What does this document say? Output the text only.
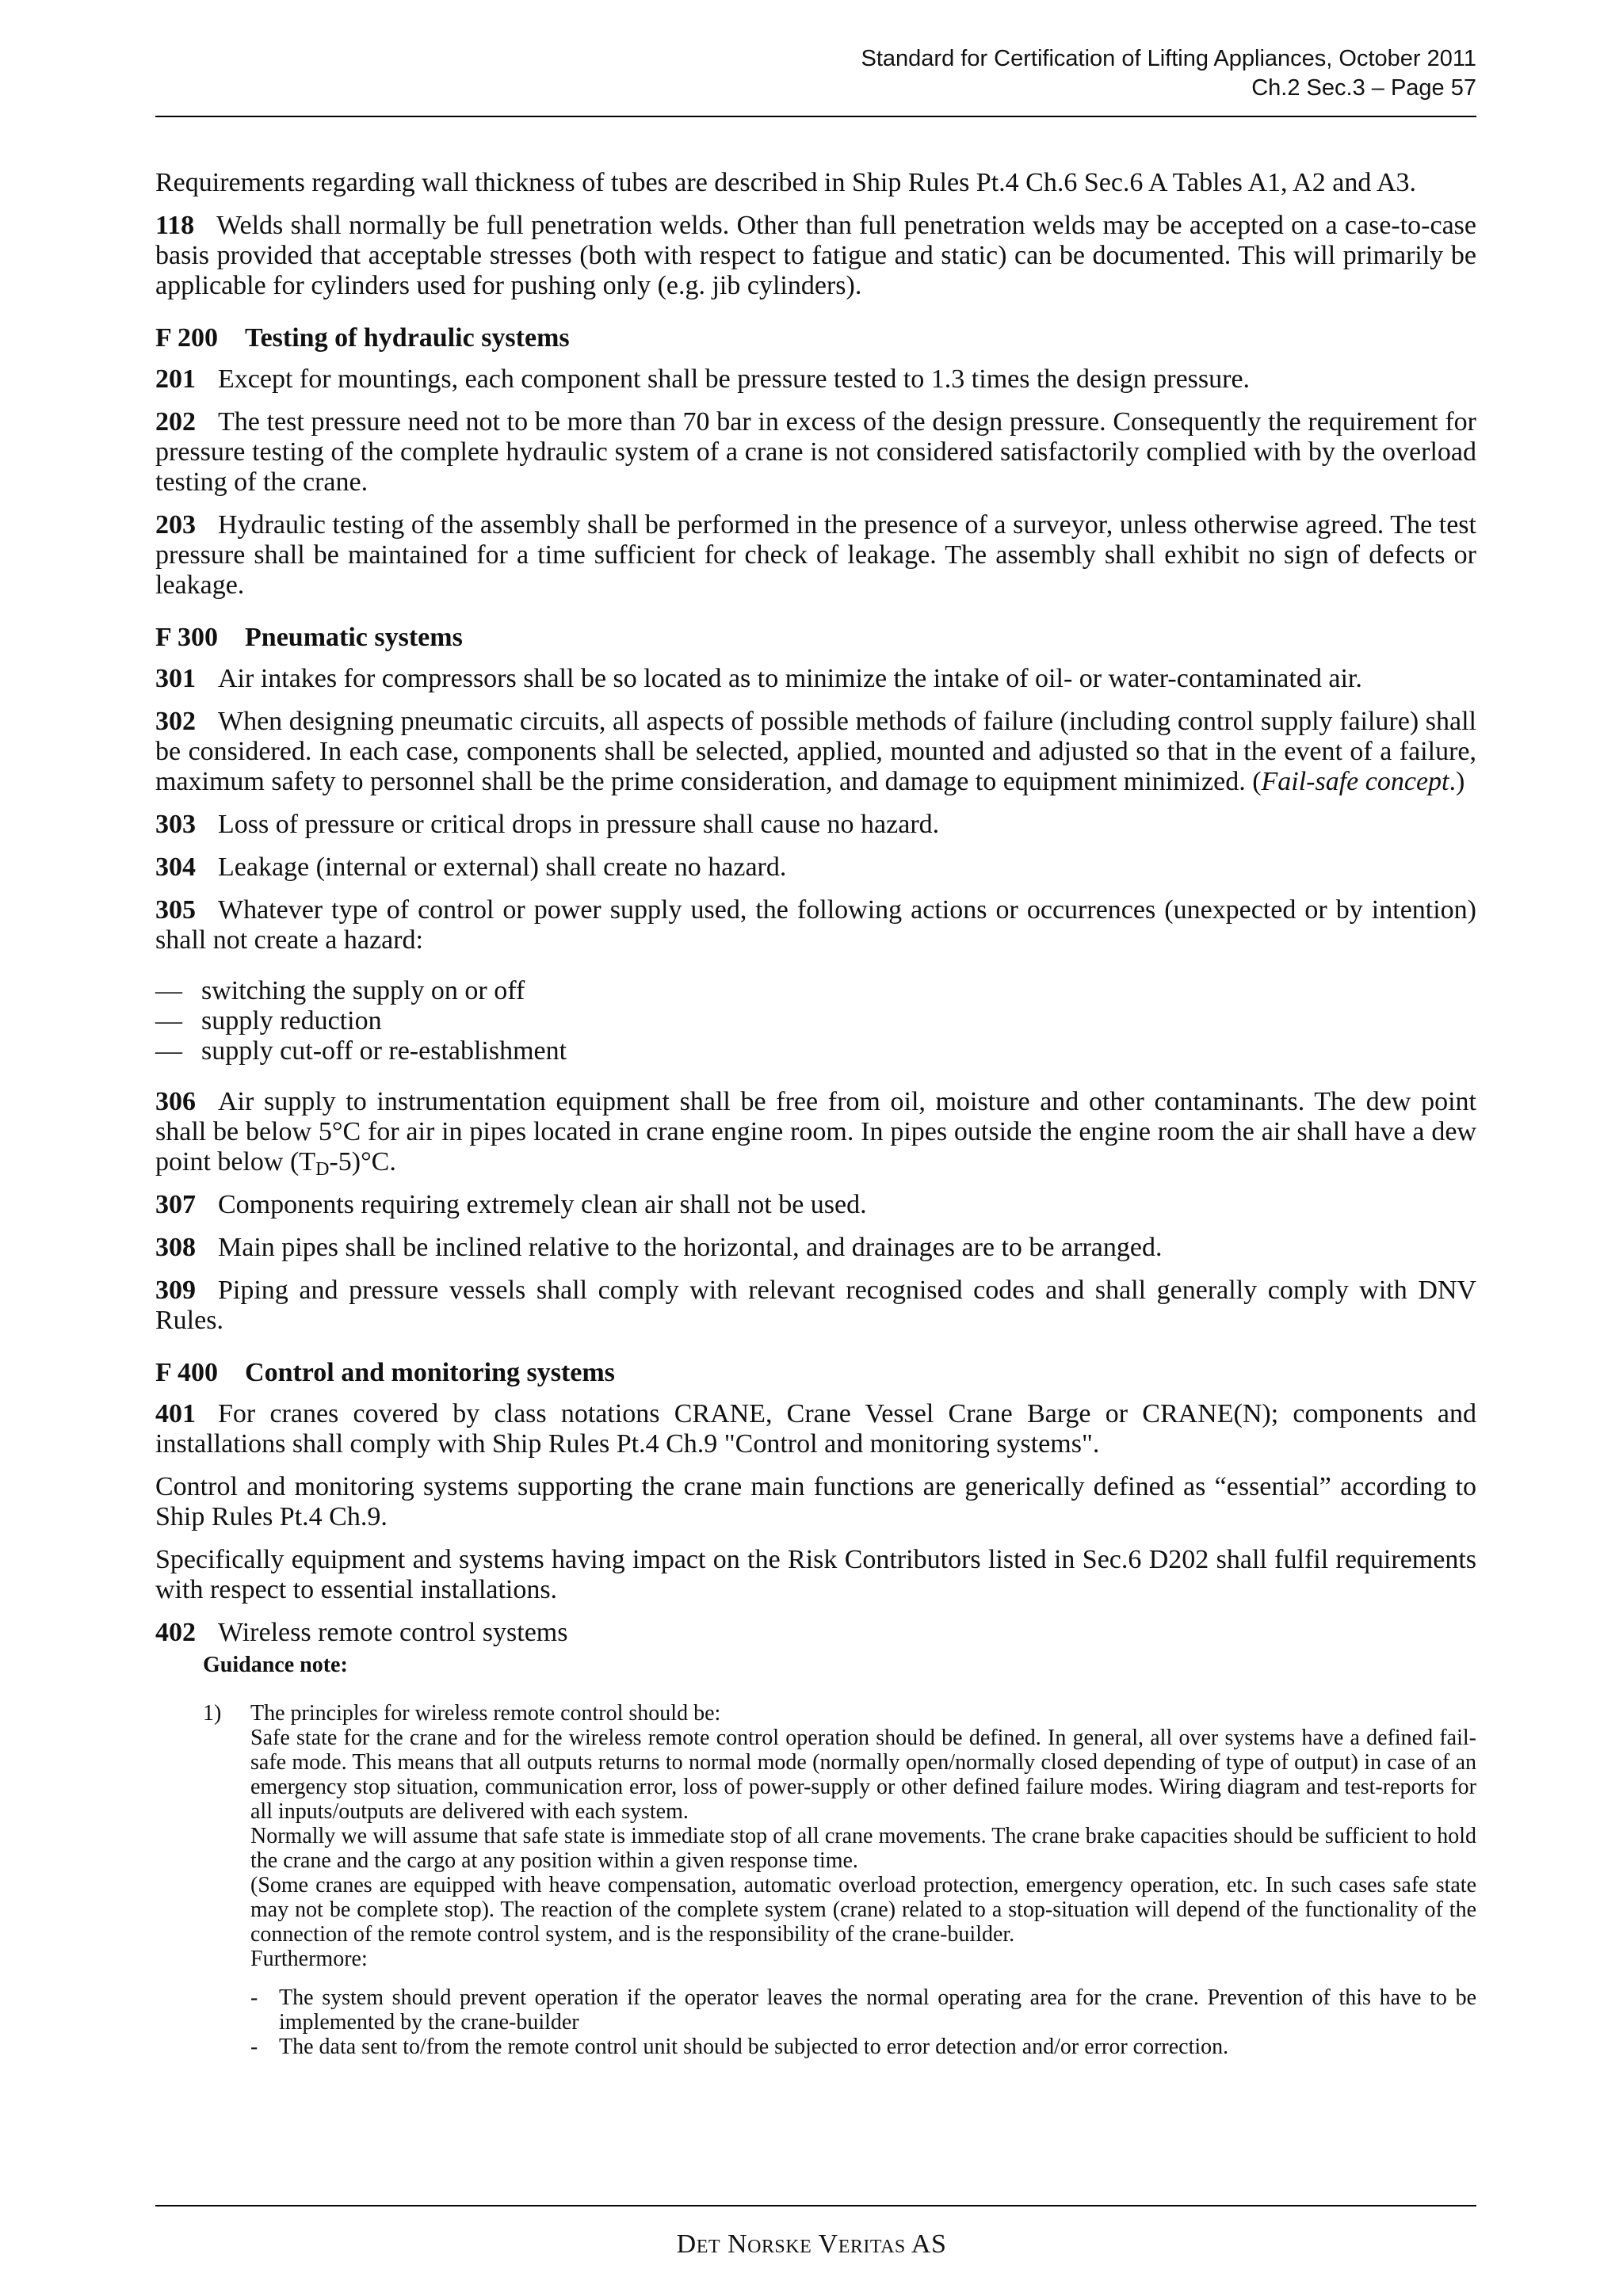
Standard for Certification of Lifting Appliances, October 2011
Ch.2 Sec.3 – Page 57

Requirements regarding wall thickness of tubes are described in Ship Rules Pt.4 Ch.6 Sec.6 A Tables A1, A2 and A3.

118 Welds shall normally be full penetration welds. Other than full penetration welds may be accepted on a case-to-case basis provided that acceptable stresses (both with respect to fatigue and static) can be documented. This will primarily be applicable for cylinders used for pushing only (e.g. jib cylinders).

F 200 Testing of hydraulic systems

201 Except for mountings, each component shall be pressure tested to 1.3 times the design pressure.

202 The test pressure need not to be more than 70 bar in excess of the design pressure. Consequently the requirement for pressure testing of the complete hydraulic system of a crane is not considered satisfactorily complied with by the overload testing of the crane.

203 Hydraulic testing of the assembly shall be performed in the presence of a surveyor, unless otherwise agreed. The test pressure shall be maintained for a time sufficient for check of leakage. The assembly shall exhibit no sign of defects or leakage.

F 300 Pneumatic systems

301 Air intakes for compressors shall be so located as to minimize the intake of oil- or water-contaminated air.

302 When designing pneumatic circuits, all aspects of possible methods of failure (including control supply failure) shall be considered. In each case, components shall be selected, applied, mounted and adjusted so that in the event of a failure, maximum safety to personnel shall be the prime consideration, and damage to equipment minimized. (Fail-safe concept.)

303 Loss of pressure or critical drops in pressure shall cause no hazard.

304 Leakage (internal or external) shall create no hazard.

305 Whatever type of control or power supply used, the following actions or occurrences (unexpected or by intention) shall not create a hazard:

— switching the supply on or off
— supply reduction
— supply cut-off or re-establishment

306 Air supply to instrumentation equipment shall be free from oil, moisture and other contaminants. The dew point shall be below 5°C for air in pipes located in crane engine room. In pipes outside the engine room the air shall have a dew point below $(T_D-5)^\circ C$.

307 Components requiring extremely clean air shall not be used.

308 Main pipes shall be inclined relative to the horizontal, and drainages are to be arranged.

309 Piping and pressure vessels shall comply with relevant recognised codes and shall generally comply with DNV Rules.

F 400 Control and monitoring systems

401 For cranes covered by class notations CRANE, Crane Vessel Crane Barge or CRANE(N); components and installations shall comply with Ship Rules Pt.4 Ch.9 "Control and monitoring systems".

Control and monitoring systems supporting the crane main functions are generically defined as “essential” according to Ship Rules Pt.4 Ch.9.

Specifically equipment and systems having impact on the Risk Contributors listed in Sec.6 D202 shall fulfil requirements with respect to essential installations.

402 Wireless remote control systems

Guidance note:
1)	The principles for wireless remote control should be:

Safe state for the crane and for the wireless remote control operation should be defined. In general, all over systems have a defined fail-safe mode. This means that all outputs returns to normal mode (normally open/normally closed depending of type of output) in case of an emergency stop situation, communication error, loss of power-supply or other defined failure modes. Wiring diagram and test-reports for all inputs/outputs are delivered with each system.

Normally we will assume that safe state is immediate stop of all crane movements. The crane brake capacities should be sufficient to hold the crane and the cargo at any position within a given response time.

(Some cranes are equipped with heave compensation, automatic overload protection, emergency operation, etc. In such cases safe state may not be complete stop). The reaction of the complete system (crane) related to a stop-situation will depend of the functionality of the connection of the remote control system, and is the responsibility of the crane-builder.

Furthermore:

- The system should prevent operation if the operator leaves the normal operating area for the crane. Prevention of this have to be implemented by the crane-builder

- The data sent to/from the remote control unit should be subjected to error detection and/or error correction.

Det Norske Veritas AS
